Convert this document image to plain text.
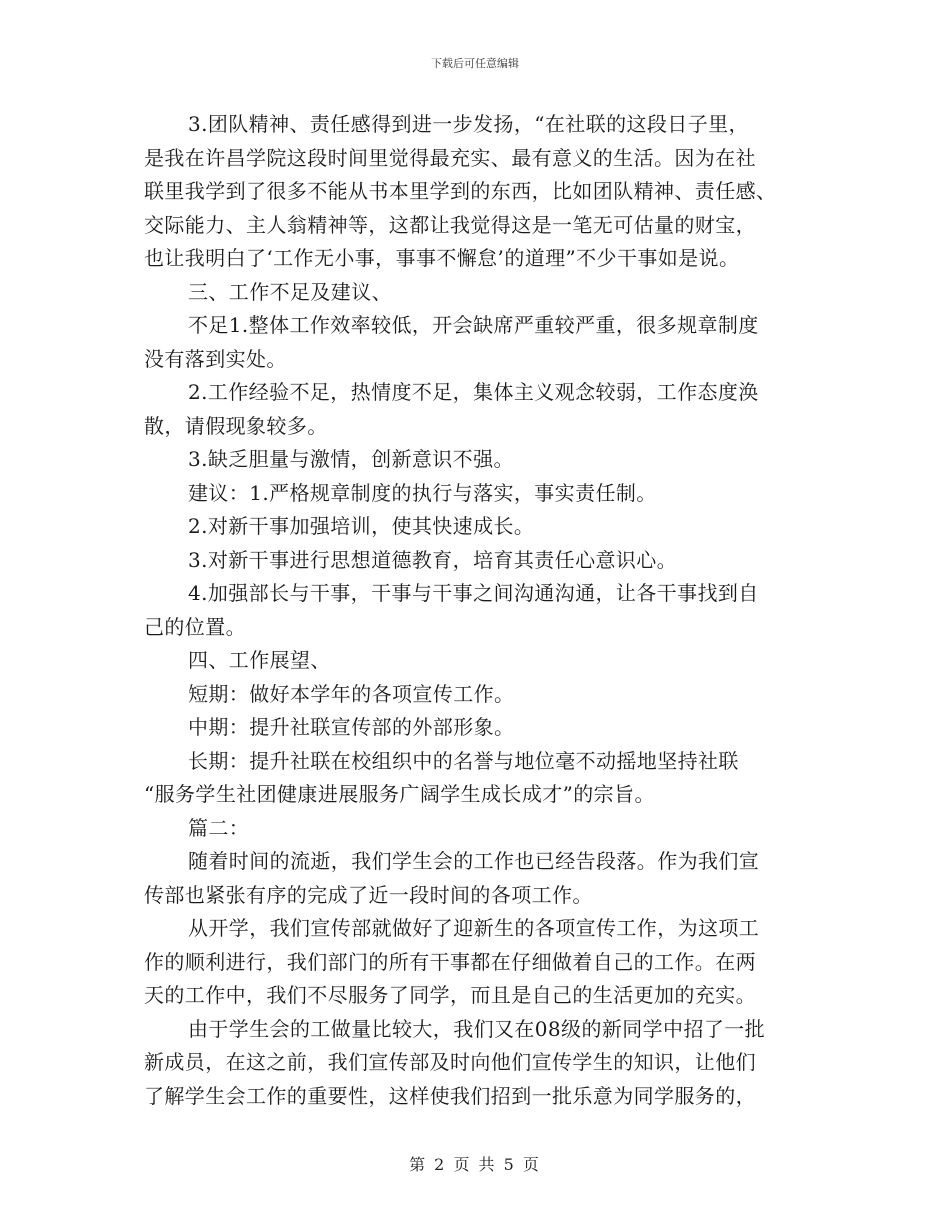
下载后可任意编辑
3.团队精神、责任感得到进一步发扬，“在社联的这段日子里，
是我在许昌学院这段时间里觉得最充实、最有意义的生活。因为在社
联里我学到了很多不能从书本里学到的东西，比如团队精神、责任感、
交际能力、主人翁精神等，这都让我觉得这是一笔无可估量的财宝，
也让我明白了‘工作无小事，事事不懈怠’的道理”不少干事如是说。
三、工作不足及建议、
不足1.整体工作效率较低，开会缺席严重较严重，很多规章制度
没有落到实处。
2.工作经验不足，热情度不足，集体主义观念较弱，工作态度涣
散，请假现象较多。
3.缺乏胆量与激情，创新意识不强。
建议：1.严格规章制度的执行与落实，事实责任制。
2.对新干事加强培训，使其快速成长。
3.对新干事进行思想道德教育，培育其责任心意识心。
4.加强部长与干事，干事与干事之间沟通沟通，让各干事找到自
己的位置。
四、工作展望、
短期：做好本学年的各项宣传工作。
中期：提升社联宣传部的外部形象。
长期：提升社联在校组织中的名誉与地位毫不动摇地坚持社联
“服务学生社团健康进展服务广阔学生成长成才”的宗旨。
篇二：
随着时间的流逝，我们学生会的工作也已经告段落。作为我们宣
传部也紧张有序的完成了近一段时间的各项工作。
从开学，我们宣传部就做好了迎新生的各项宣传工作，为这项工
作的顺利进行，我们部门的所有干事都在仔细做着自己的工作。在两
天的工作中，我们不尽服务了同学，而且是自己的生活更加的充实。
由于学生会的工做量比较大，我们又在08级的新同学中招了一批
新成员，在这之前，我们宣传部及时向他们宣传学生的知识，让他们
了解学生会工作的重要性，这样使我们招到一批乐意为同学服务的，
第 2 页 共 5 页
